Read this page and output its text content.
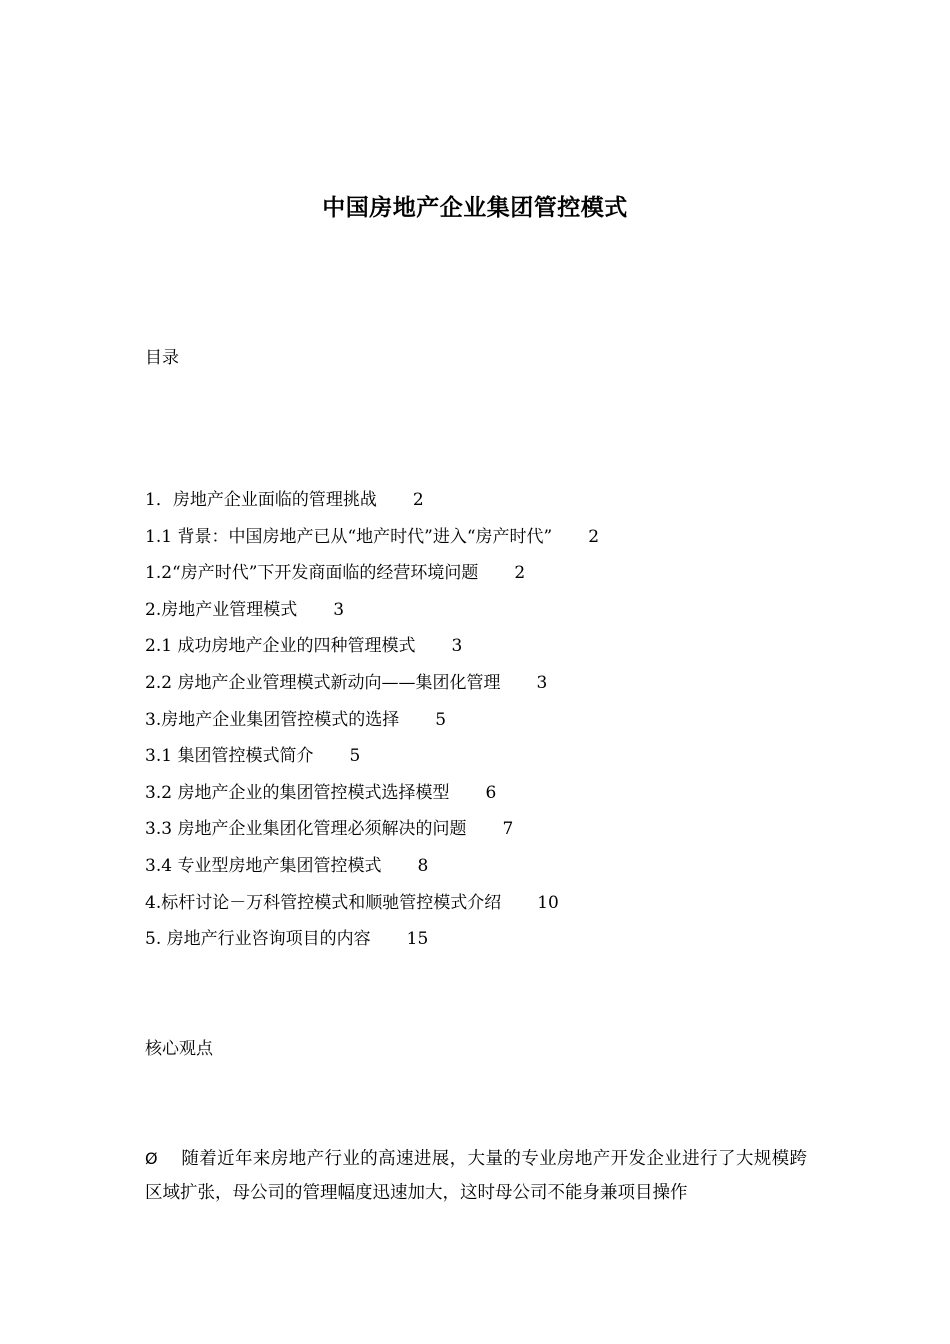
中国房地产企业集团管控模式
目录
1．房地产企业面临的管理挑战 2
1.1 背景：中国房地产已从“地产时代”进入“房产时代” 2
1.2“房产时代”下开发商面临的经营环境问题 2
2.房地产业管理模式 3
2.1 成功房地产企业的四种管理模式 3
2.2 房地产企业管理模式新动向——集团化管理 3
3.房地产企业集团管控模式的选择 5
3.1 集团管控模式简介 5
3.2 房地产企业的集团管控模式选择模型 6
3.3 房地产企业集团化管理必须解决的问题 7
3.4 专业型房地产集团管控模式 8
4.标杆讨论－万科管控模式和顺驰管控模式介绍 10
5. 房地产行业咨询项目的内容 15
核心观点
Ø 随着近年来房地产行业的高速进展，大量的专业房地产开发企业进行了大规模跨区域扩张，母公司的管理幅度迅速加大，这时母公司不能身兼项目操作
